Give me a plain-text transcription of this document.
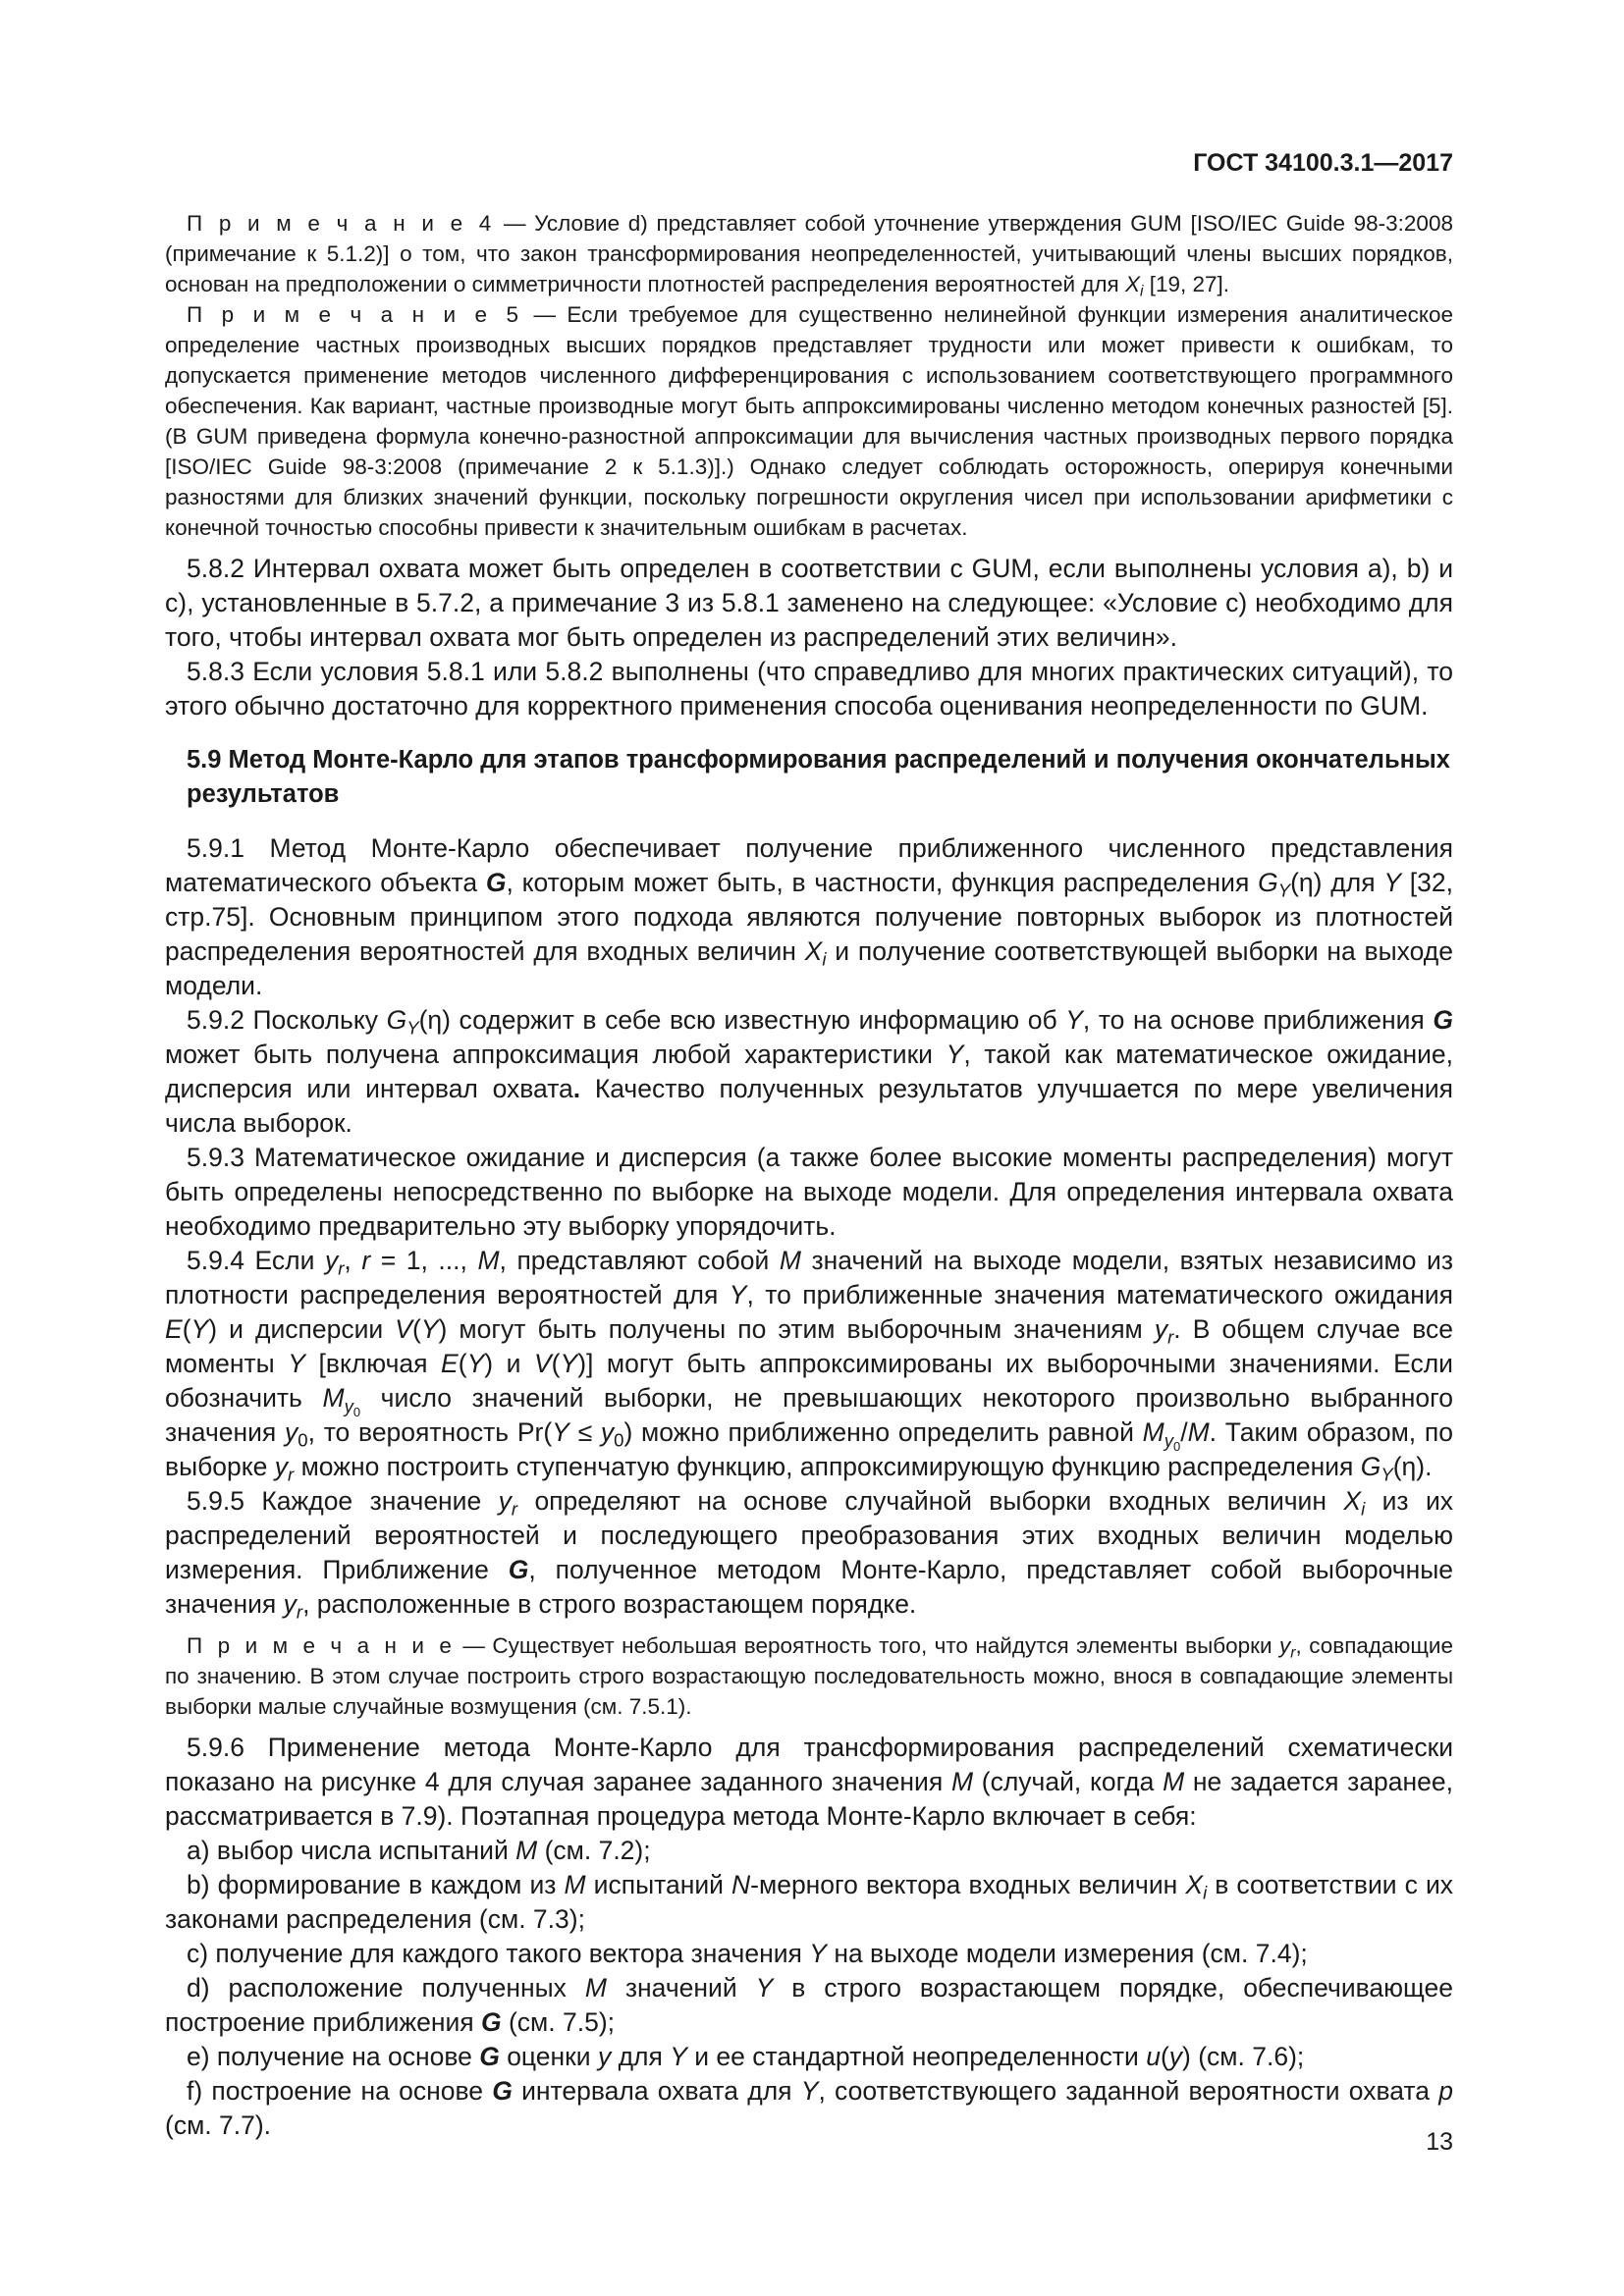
ГОСТ 34100.3.1—2017

П р и м е ч а н и е 4 — Условие d) представляет собой уточнение утверждения GUM [ISO/IEC Guide 98-3:2008 (примечание к 5.1.2)] о том, что закон трансформирования неопределенностей, учитывающий члены высших порядков, основан на предположении о симметричности плотностей распределения вероятностей для $X_i$ [19, 27].

П р и м е ч а н и е 5 — Если требуемое для существенно нелинейной функции измерения аналитическое определение частных производных высших порядков представляет трудности или может привести к ошибкам, то допускается применение методов численного дифференцирования с использованием соответствующего программного обеспечения. Как вариант, частные производные могут быть аппроксимированы численно методом конечных разностей [5]. (В GUM приведена формула конечно-разностной аппроксимации для вычисления частных производных первого порядка [ISO/IEC Guide 98-3:2008 (примечание 2 к 5.1.3)].) Однако следует соблюдать осторожность, оперируя конечными разностями для близких значений функции, поскольку погрешности округления чисел при использовании арифметики с конечной точностью способны привести к значительным ошибкам в расчетах.

5.8.2 Интервал охвата может быть определен в соответствии с GUM, если выполнены условия а), b) и с), установленные в 5.7.2, а примечание 3 из 5.8.1 заменено на следующее: «Условие с) необходимо для того, чтобы интервал охвата мог быть определен из распределений этих величин».

5.8.3 Если условия 5.8.1 или 5.8.2 выполнены (что справедливо для многих практических ситуаций), то этого обычно достаточно для корректного применения способа оценивания неопределенности по GUM.

5.9 Метод Монте-Карло для этапов трансформирования распределений и получения окончательных результатов

5.9.1 Метод Монте-Карло обеспечивает получение приближенного численного представления математического объекта G, которым может быть, в частности, функция распределения $G_Y(\eta)$ для Y [32, стр.75]. Основным принципом этого подхода являются получение повторных выборок из плотностей распределения вероятностей для входных величин $X_i$ и получение соответствующей выборки на выходе модели.

5.9.2 Поскольку $G_Y(\eta)$ содержит в себе всю известную информацию об Y, то на основе приближения G может быть получена аппроксимация любой характеристики Y, такой как математическое ожидание, дисперсия или интервал охвата. Качество полученных результатов улучшается по мере увеличения числа выборок.

5.9.3 Математическое ожидание и дисперсия (а также более высокие моменты распределения) могут быть определены непосредственно по выборке на выходе модели. Для определения интервала охвата необходимо предварительно эту выборку упорядочить.

5.9.4 Если $y_r$, r = 1, ..., M, представляют собой M значений на выходе модели, взятых независимо из плотности распределения вероятностей для Y, то приближенные значения математического ожидания E(Y) и дисперсии V(Y) могут быть получены по этим выборочным значениям $y_r$. В общем случае все моменты Y [включая E(Y) и V(Y)] могут быть аппроксимированы их выборочными значениями. Если обозначить $M_{y_0}$ число значений выборки, не превышающих некоторого произвольно выбранного значения $y_0$, то вероятность $Pr(Y \le y_0)$ можно приближенно определить равной $M_{y_0}/M$. Таким образом, по выборке $y_r$ можно построить ступенчатую функцию, аппроксимирующую функцию распределения $G_Y(\eta)$.

5.9.5 Каждое значение $y_r$ определяют на основе случайной выборки входных величин $X_i$ из их распределений вероятностей и последующего преобразования этих входных величин моделью измерения. Приближение G, полученное методом Монте-Карло, представляет собой выборочные значения $y_r$, расположенные в строго возрастающем порядке.

П р и м е ч а н и е — Существует небольшая вероятность того, что найдутся элементы выборки $y_r$, совпадающие по значению. В этом случае построить строго возрастающую последовательность можно, внося в совпадающие элементы выборки малые случайные возмущения (см. 7.5.1).

5.9.6 Применение метода Монте-Карло для трансформирования распределений схематически показано на рисунке 4 для случая заранее заданного значения M (случай, когда M не задается заранее, рассматривается в 7.9). Поэтапная процедура метода Монте-Карло включает в себя:

а) выбор числа испытаний M (см. 7.2);

b) формирование в каждом из M испытаний N-мерного вектора входных величин $X_i$ в соответствии с их законами распределения (см. 7.3);

с) получение для каждого такого вектора значения Y на выходе модели измерения (см. 7.4);

d) расположение полученных M значений Y в строго возрастающем порядке, обеспечивающее построение приближения G (см. 7.5);

е) получение на основе G оценки y для Y и ее стандартной неопределенности u(y) (см. 7.6);

f) построение на основе G интервала охвата для Y, соответствующего заданной вероятности охвата p (см. 7.7).

13
